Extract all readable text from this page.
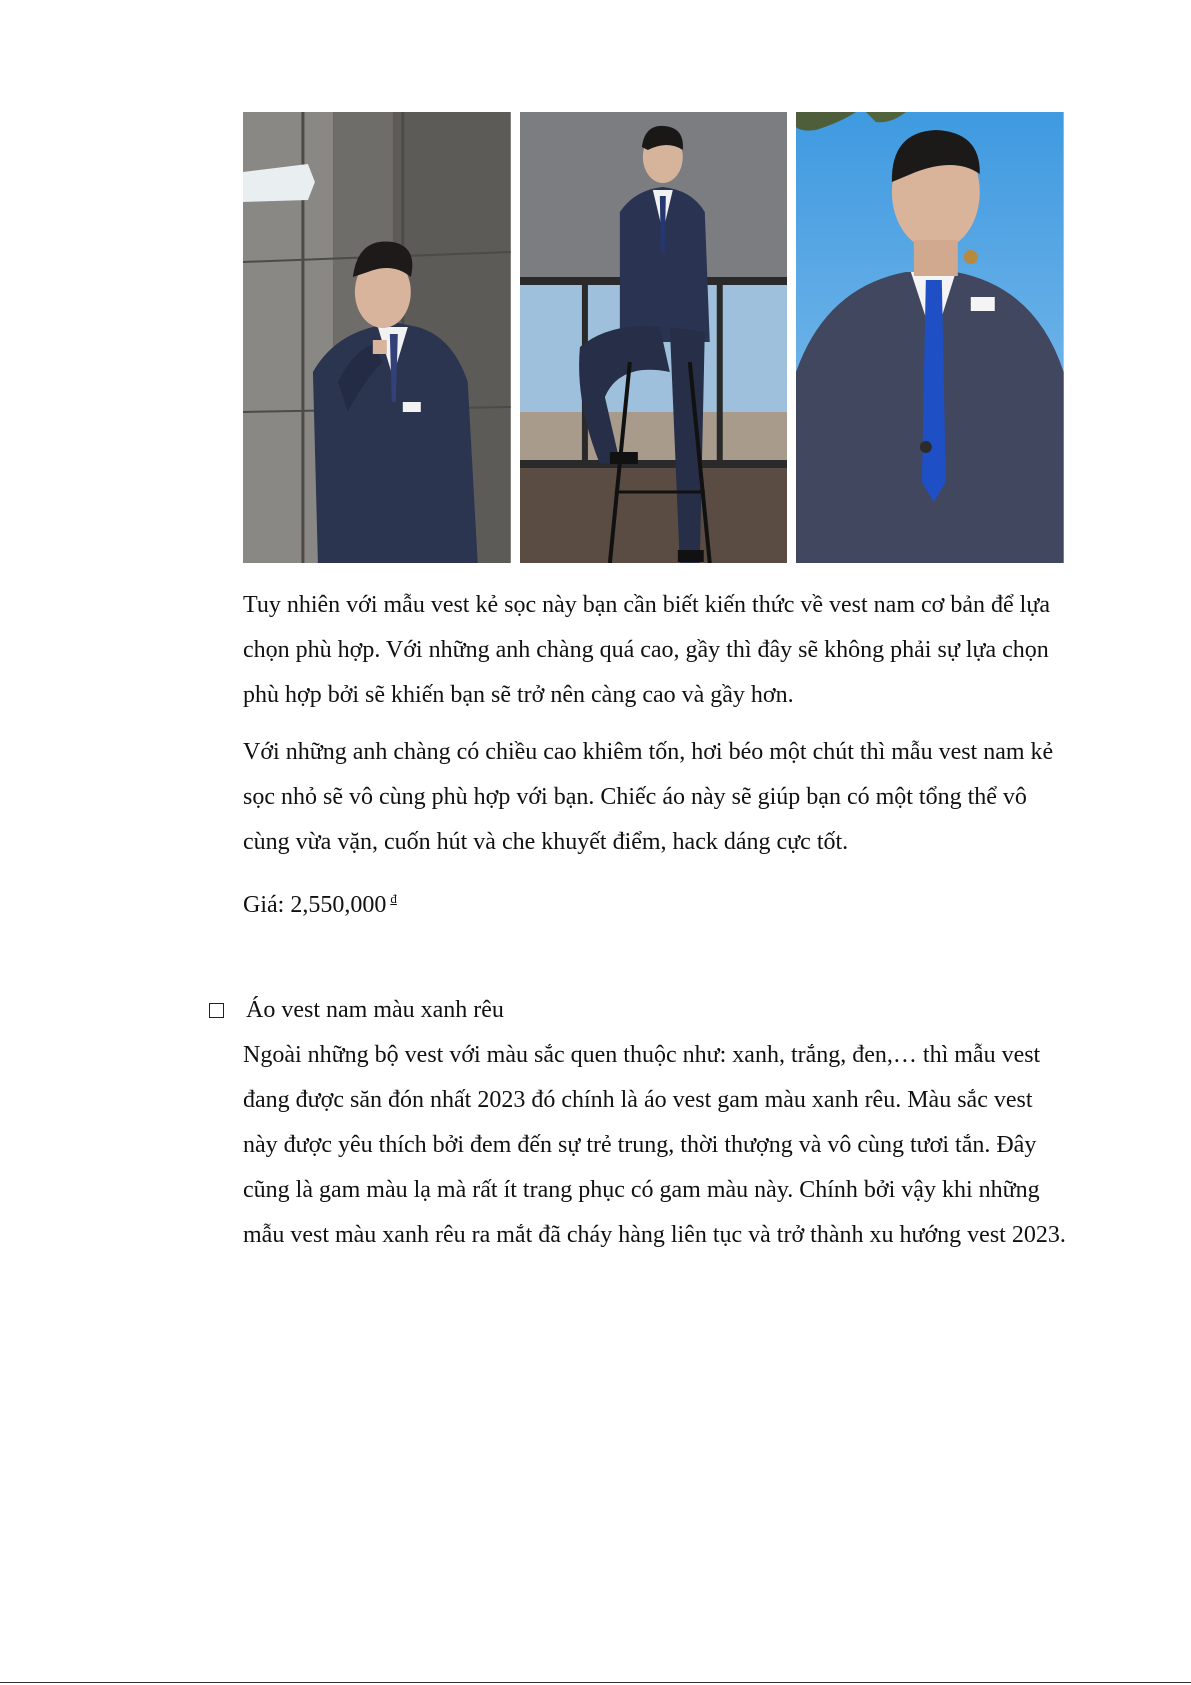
Tuy nhiên với mẫu vest kẻ sọc này bạn cần biết kiến thức về vest nam cơ bản để lựa chọn phù hợp. Với những anh chàng quá cao, gầy thì đây sẽ không phải sự lựa chọn phù hợp bởi sẽ khiến bạn sẽ trở nên càng cao và gầy hơn.

Với những anh chàng có chiều cao khiêm tốn, hơi béo một chút thì mẫu vest nam kẻ sọc nhỏ sẽ vô cùng phù hợp với bạn. Chiếc áo này sẽ giúp bạn có một tổng thể vô cùng vừa vặn, cuốn hút và che khuyết điểm, hack dáng cực tốt.

Giá: 2,550,000 $^đ$

Áo vest nam màu xanh rêu

Ngoài những bộ vest với màu sắc quen thuộc như: xanh, trắng, đen,… thì mẫu vest đang được săn đón nhất 2023 đó chính là áo vest gam màu xanh rêu. Màu sắc vest này được yêu thích bởi đem đến sự trẻ trung, thời thượng và vô cùng tươi tắn. Đây cũng là gam màu lạ mà rất ít trang phục có gam màu này. Chính bởi vậy khi những mẫu vest màu xanh rêu ra mắt đã cháy hàng liên tục và trở thành xu hướng vest 2023.
